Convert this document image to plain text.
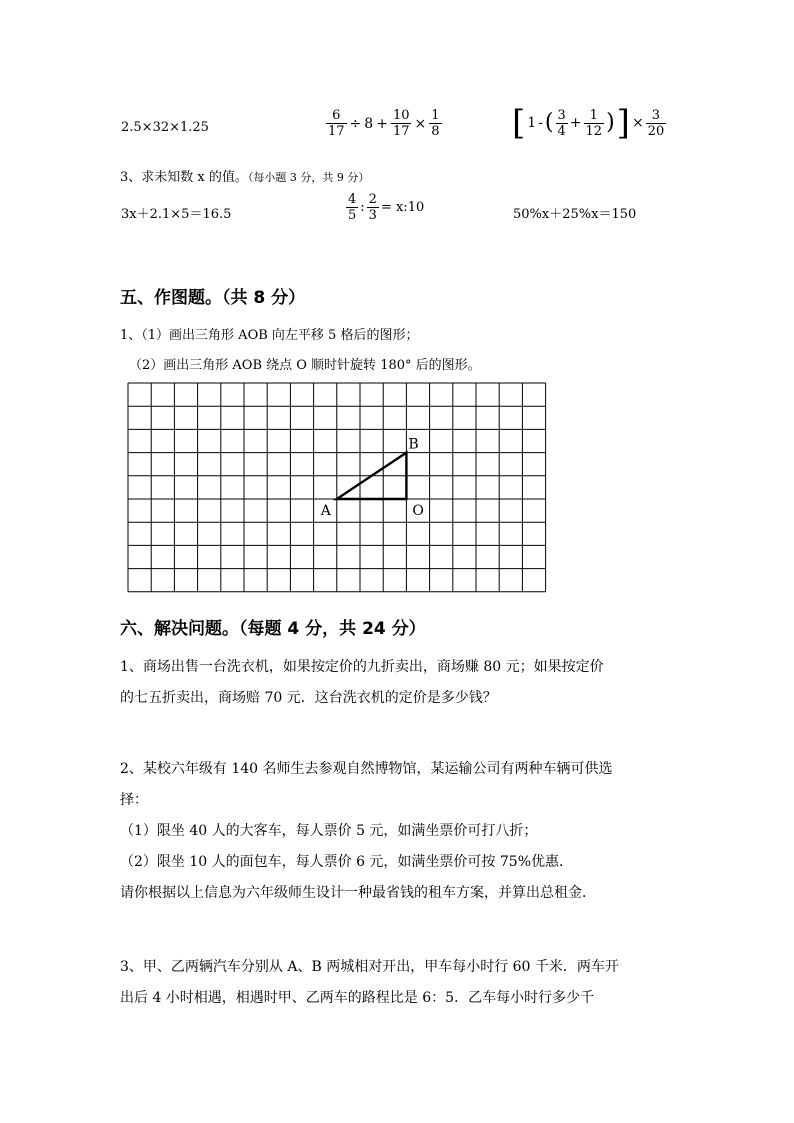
2.5×32×1.25	$\frac{6}{17} \div 8 + \frac{10}{17} \times \frac{1}{8}$ [ 1 - ( $\frac{3}{4} + \frac{1}{12}$ ) ] × $\frac{3}{20}$
3、求未知数 x 的值。（每小题 3 分，共 9 分）
3x＋2.1×5＝16.5	$\frac{4}{5}$ : $\frac{2}{3}$ = x:10	50%x＋25%x＝150
五、作图题。（共 8 分）
1、（1）画出三角形 AOB 向左平移 5 格后的图形；
（2）画出三角形 AOB 绕点 O 顺时针旋转 180° 后的图形。
A	O
B
六、解决问题。（每题 4 分，共 24 分）
1、商场出售一台洗衣机，如果按定价的九折卖出，商场赚 80 元；如果按定价
的七五折卖出，商场赔 70 元．这台洗衣机的定价是多少钱？
2、某校六年级有 140 名师生去参观自然博物馆，某运输公司有两种车辆可供选
择：
（1）限坐 40 人的大客车，每人票价 5 元，如满坐票价可打八折；
（2）限坐 10 人的面包车，每人票价 6 元，如满坐票价可按 75%优惠．
请你根据以上信息为六年级师生设计一种最省钱的租车方案，并算出总租金．
3、甲、乙两辆汽车分别从 A、B 两城相对开出，甲车每小时行 60 千米．两车开
出后 4 小时相遇，相遇时甲、乙两车的路程比是 6：5．乙车每小时行多少千
